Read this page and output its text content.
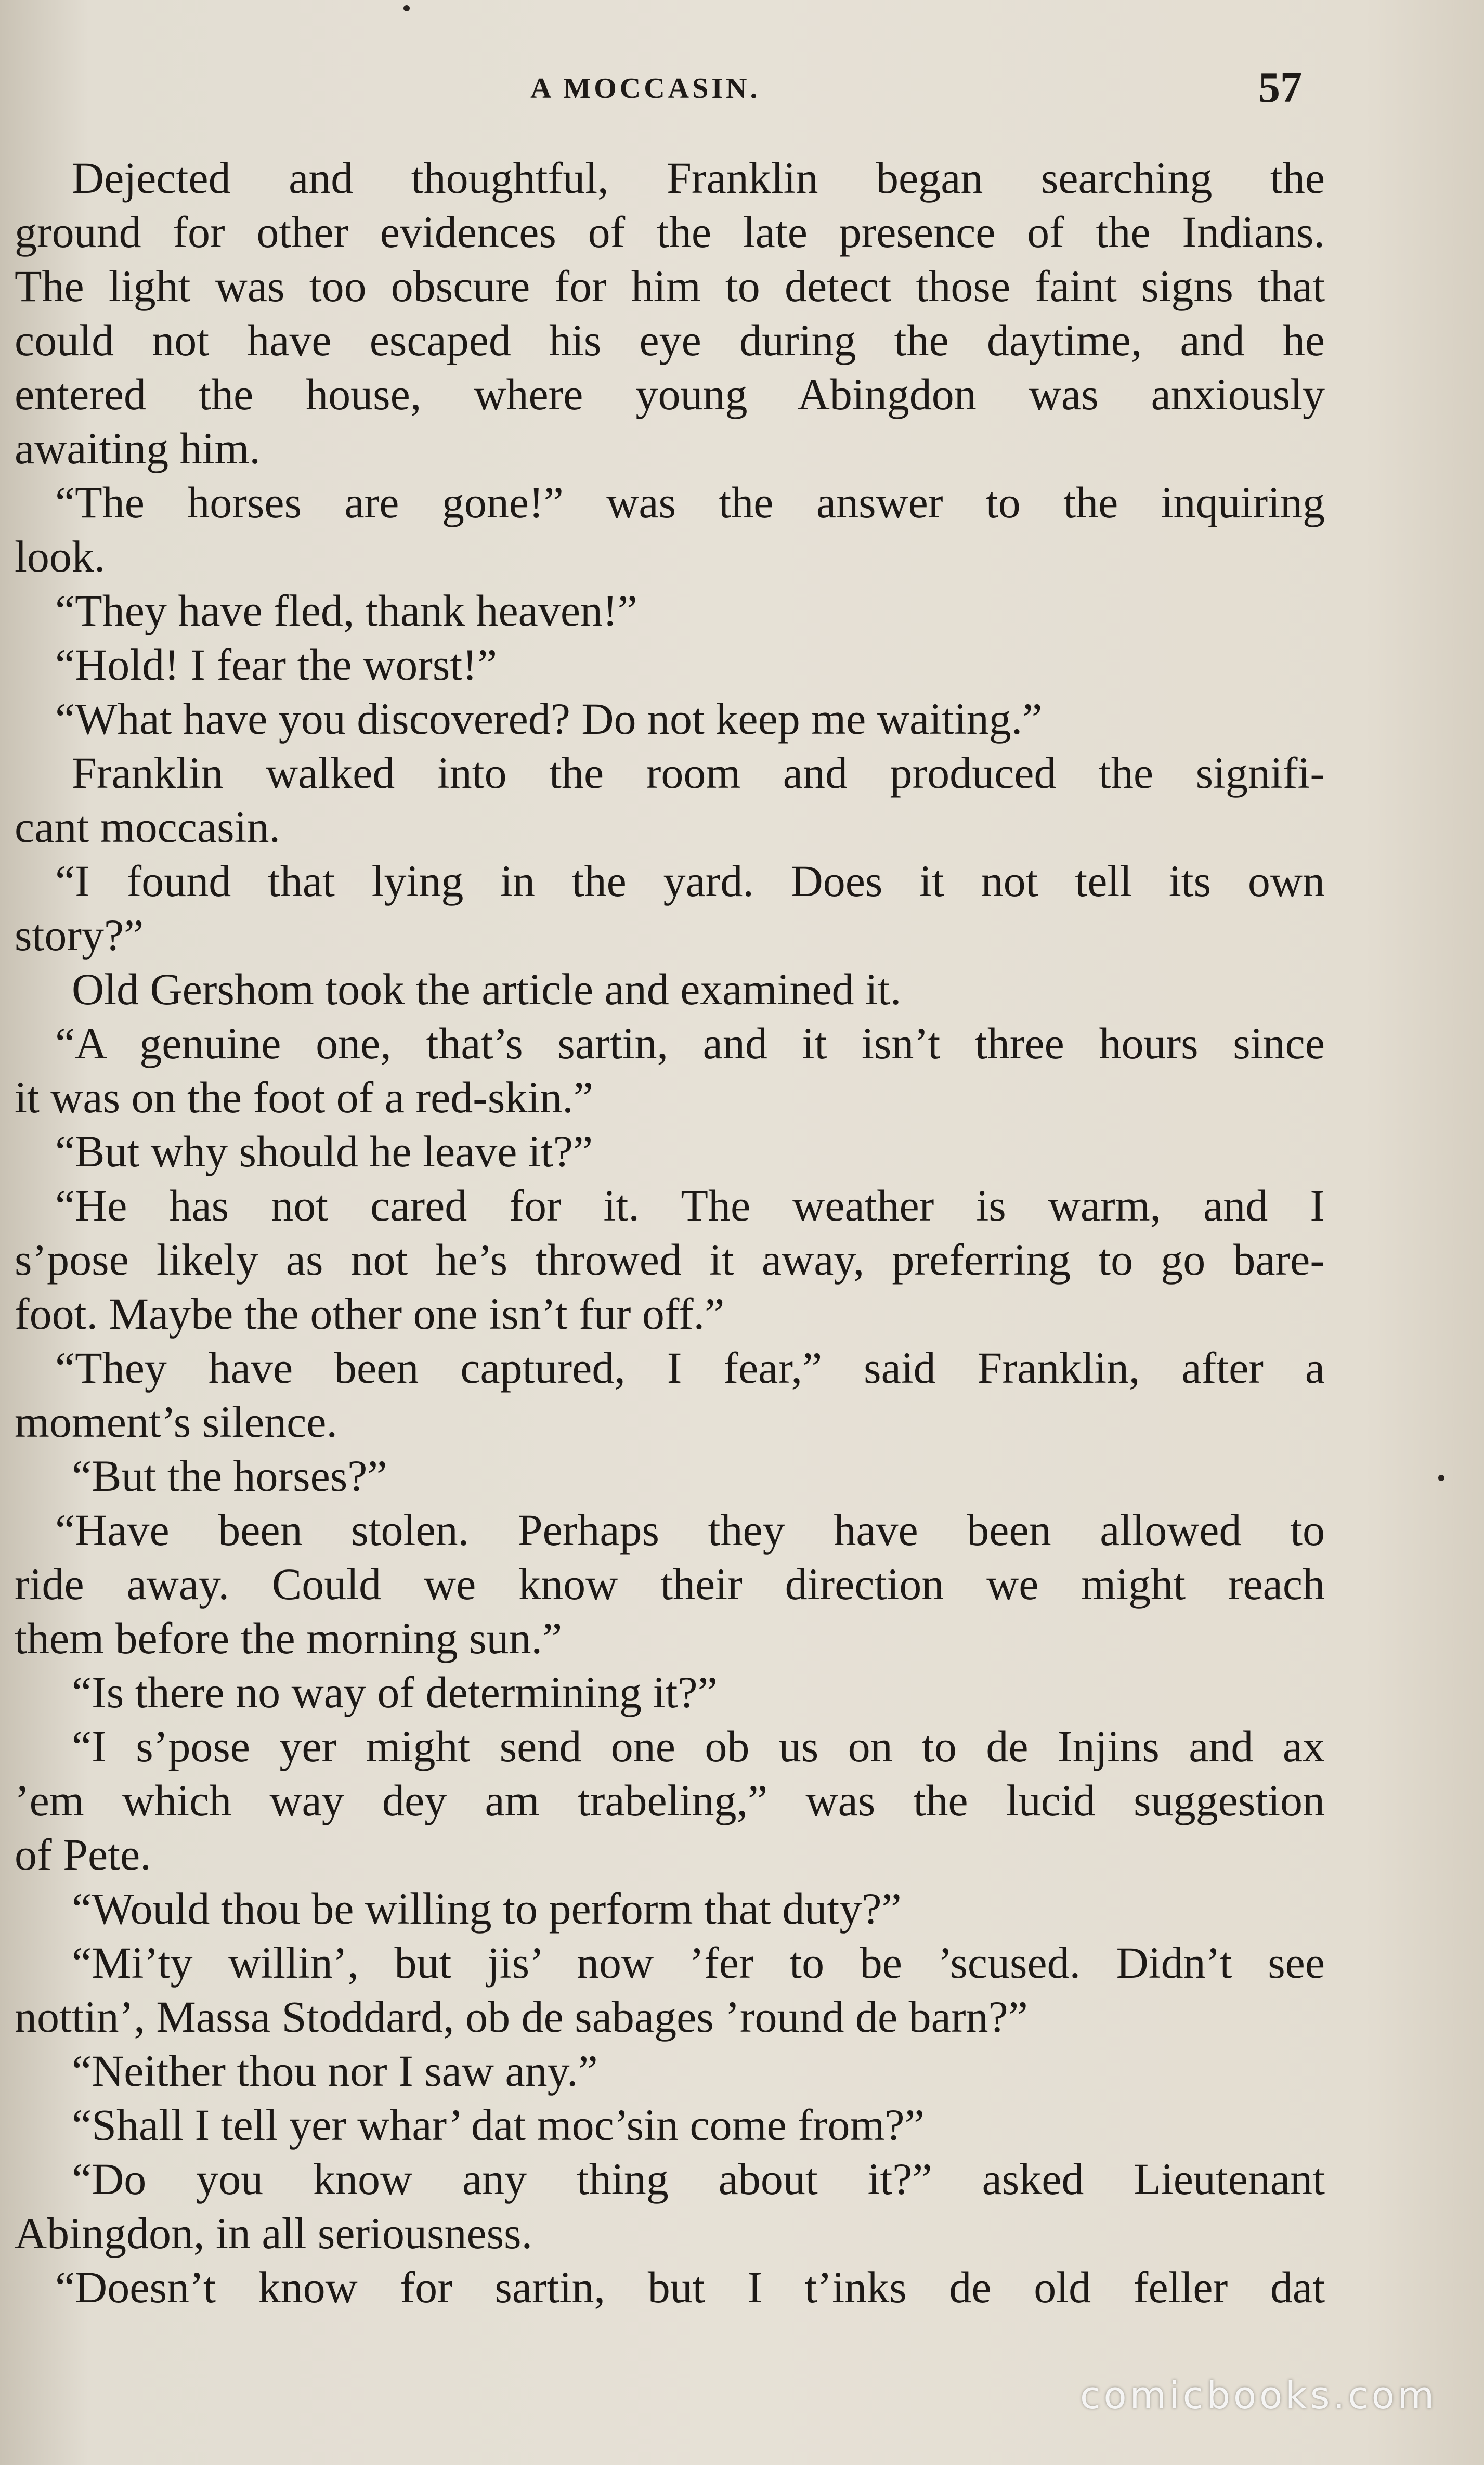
A MOCCASIN.	57
Dejected and thoughtful, Franklin began searching the
ground for other evidences of the late presence of the Indians.
The light was too obscure for him to detect those faint signs that
could not have escaped his eye during the daytime, and he
entered the house, where young Abingdon was anxiously
awaiting him.
“The horses are gone!” was the answer to the inquiring
look.
“They have fled, thank heaven!”
“Hold! I fear the worst!”
“What have you discovered? Do not keep me waiting.”
Franklin walked into the room and produced the signifi-
cant moccasin.
“I found that lying in the yard. Does it not tell its own
story?”
Old Gershom took the article and examined it.
“A genuine one, that’s sartin, and it isn’t three hours since
it was on the foot of a red-skin.”
“But why should he leave it?”
“He has not cared for it. The weather is warm, and I
s’pose likely as not he’s throwed it away, preferring to go bare-
foot. Maybe the other one isn’t fur off.”
“They have been captured, I fear,” said Franklin, after a
moment’s silence.
“But the horses?”
“Have been stolen. Perhaps they have been allowed to
ride away. Could we know their direction we might reach
them before the morning sun.”
“Is there no way of determining it?”
“I s’pose yer might send one ob us on to de Injins and ax
’em which way dey am trabeling,” was the lucid suggestion
of Pete.
“Would thou be willing to perform that duty?”
“Mi’ty willin’, but jis’ now ’fer to be ’scused. Didn’t see
nottin’, Massa Stoddard, ob de sabages ’round de barn?”
“Neither thou nor I saw any.”
“Shall I tell yer whar’ dat moc’sin come from?”
“Do you know any thing about it?” asked Lieutenant
Abingdon, in all seriousness.
“Doesn’t know for sartin, but I t’inks de old feller dat
comicbooks.com
